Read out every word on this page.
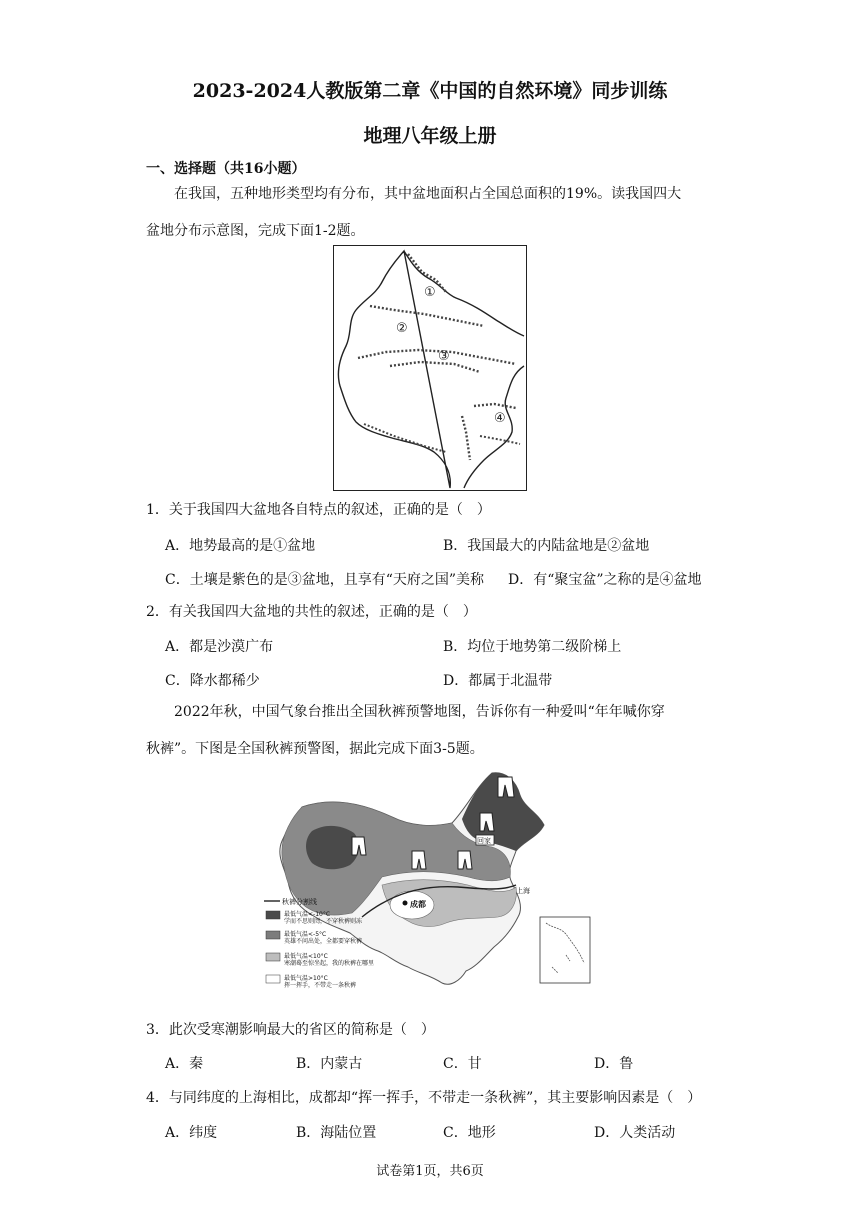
2023-2024人教版第二章《中国的自然环境》同步训练
地理八年级上册
一、选择题（共16小题）
在我国，五种地形类型均有分布，其中盆地面积占全国总面积的19%。读我国四大
盆地分布示意图，完成下面1-2题。
①
②
③
④
1．关于我国四大盆地各自特点的叙述，正确的是（　）
A．地势最高的是①盆地	B．我国最大的内陆盆地是②盆地
C．土壤是紫色的是③盆地，且享有“天府之国”美称 D．有“聚宝盆”之称的是④盆地
2．有关我国四大盆地的共性的叙述，正确的是（　）
A．都是沙漠广布	B．均位于地势第二级阶梯上
C．降水都稀少	D．都属于北温带
2022年秋，中国气象台推出全国秋裤预警地图，告诉你有一种爱叫“年年喊你穿
秋裤”。下图是全国秋裤预警图，据此完成下面3-5题。
成都
上海
回家
秋裤分割线
最低气温<-10°C
学而不思则罔，不穿秋裤则冻
最低气温<-5°C
英雄不问出处，全都要穿秋裤
最低气温<10°C
寒潮蓦至惊坐起，我的秋裤在哪里
最低气温>10°C
挥一挥手，不带走一条秋裤
3．此次受寒潮影响最大的省区的简称是（　）
A．秦	B．内蒙古	C．甘	D．鲁
4．与同纬度的上海相比，成都却“挥一挥手，不带走一条秋裤”，其主要影响因素是（　）
A．纬度	B．海陆位置	C．地形	D．人类活动
试卷第1页，共6页
